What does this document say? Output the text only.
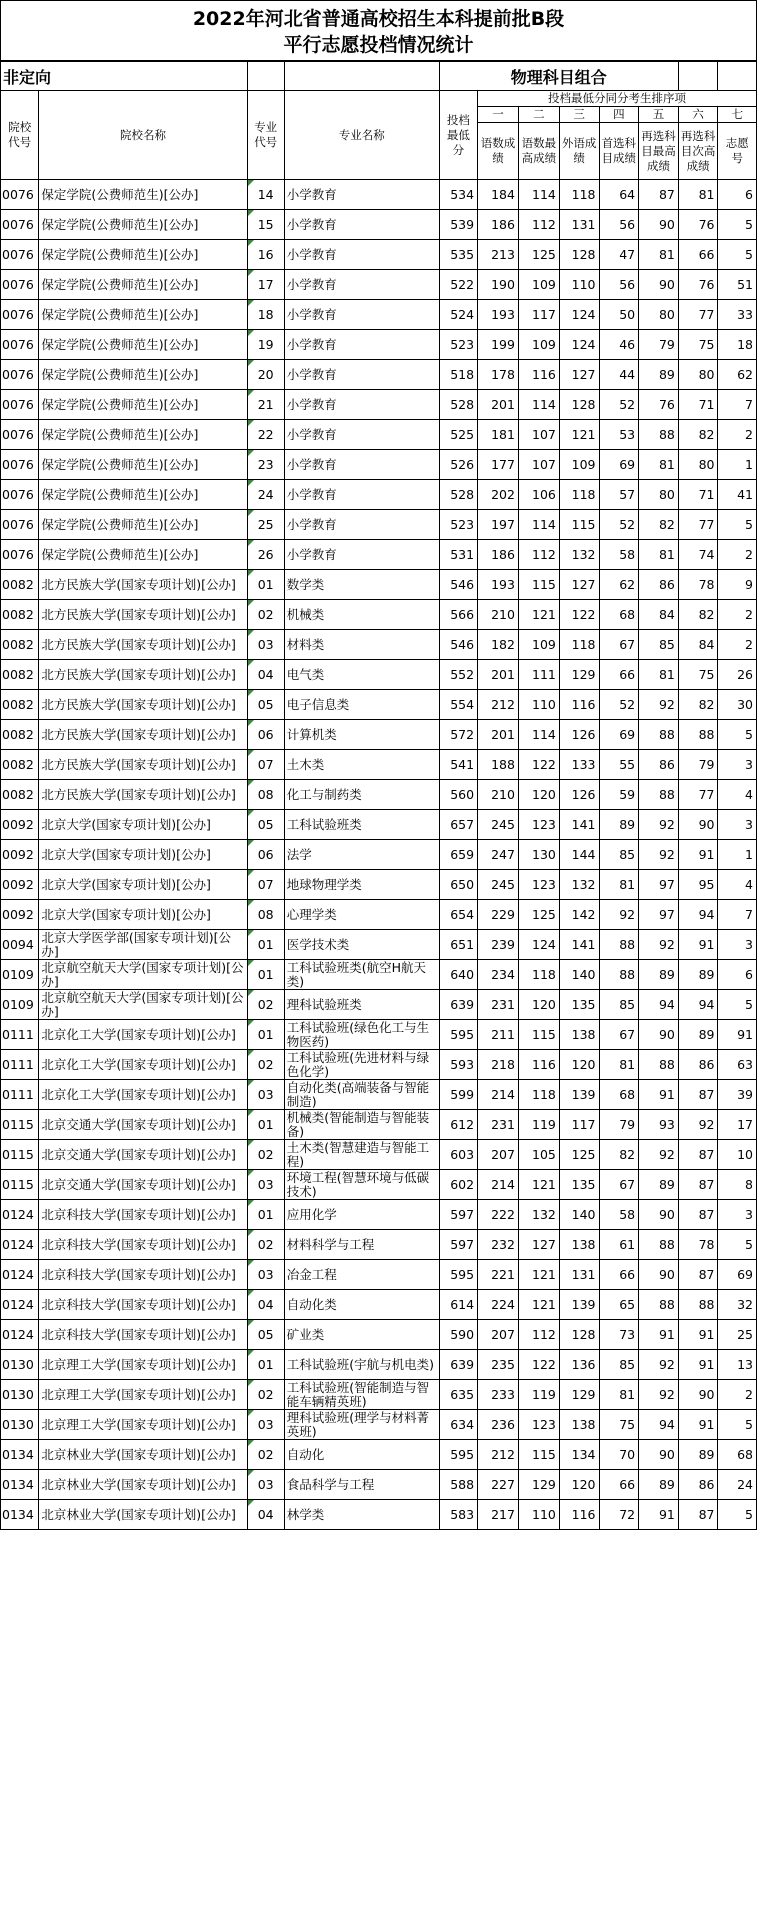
2022年河北省普通高校招生本科提前批B段
平行志愿投档情况统计
非定向				物理科目组合							
院校代号	院校名称	专业代号	专业名称	投档最低分	投档最低分同分考生排序项						
					一	二	三	四	五	六	七
					语数成绩	语数最高成绩	外语成绩	首选科目成绩	再选科目最高成绩	再选科目次高成绩	志愿号
0076	保定学院(公费师范生)[公办]	14	小学教育	534	184	114	118	64	87	81	6
0076	保定学院(公费师范生)[公办]	15	小学教育	539	186	112	131	56	90	76	5
0076	保定学院(公费师范生)[公办]	16	小学教育	535	213	125	128	47	81	66	5
0076	保定学院(公费师范生)[公办]	17	小学教育	522	190	109	110	56	90	76	51
0076	保定学院(公费师范生)[公办]	18	小学教育	524	193	117	124	50	80	77	33
0076	保定学院(公费师范生)[公办]	19	小学教育	523	199	109	124	46	79	75	18
0076	保定学院(公费师范生)[公办]	20	小学教育	518	178	116	127	44	89	80	62
0076	保定学院(公费师范生)[公办]	21	小学教育	528	201	114	128	52	76	71	7
0076	保定学院(公费师范生)[公办]	22	小学教育	525	181	107	121	53	88	82	2
0076	保定学院(公费师范生)[公办]	23	小学教育	526	177	107	109	69	81	80	1
0076	保定学院(公费师范生)[公办]	24	小学教育	528	202	106	118	57	80	71	41
0076	保定学院(公费师范生)[公办]	25	小学教育	523	197	114	115	52	82	77	5
0076	保定学院(公费师范生)[公办]	26	小学教育	531	186	112	132	58	81	74	2
0082	北方民族大学(国家专项计划)[公办]	01	数学类	546	193	115	127	62	86	78	9
0082	北方民族大学(国家专项计划)[公办]	02	机械类	566	210	121	122	68	84	82	2
0082	北方民族大学(国家专项计划)[公办]	03	材料类	546	182	109	118	67	85	84	2
0082	北方民族大学(国家专项计划)[公办]	04	电气类	552	201	111	129	66	81	75	26
0082	北方民族大学(国家专项计划)[公办]	05	电子信息类	554	212	110	116	52	92	82	30
0082	北方民族大学(国家专项计划)[公办]	06	计算机类	572	201	114	126	69	88	88	5
0082	北方民族大学(国家专项计划)[公办]	07	土木类	541	188	122	133	55	86	79	3
0082	北方民族大学(国家专项计划)[公办]	08	化工与制药类	560	210	120	126	59	88	77	4
0092	北京大学(国家专项计划)[公办]	05	工科试验班类	657	245	123	141	89	92	90	3
0092	北京大学(国家专项计划)[公办]	06	法学	659	247	130	144	85	92	91	1
0092	北京大学(国家专项计划)[公办]	07	地球物理学类	650	245	123	132	81	97	95	4
0092	北京大学(国家专项计划)[公办]	08	心理学类	654	229	125	142	92	97	94	7
0094	北京大学医学部(国家专项计划)[公办]	01	医学技术类	651	239	124	141	88	92	91	3
0109	北京航空航天大学(国家专项计划)[公办]	01	工科试验班类(航空H航天类)	640	234	118	140	88	89	89	6
0109	北京航空航天大学(国家专项计划)[公办]	02	理科试验班类	639	231	120	135	85	94	94	5
0111	北京化工大学(国家专项计划)[公办]	01	工科试验班(绿色化工与生物医药)	595	211	115	138	67	90	89	91
0111	北京化工大学(国家专项计划)[公办]	02	工科试验班(先进材料与绿色化学)	593	218	116	120	81	88	86	63
0111	北京化工大学(国家专项计划)[公办]	03	自动化类(高端装备与智能制造)	599	214	118	139	68	91	87	39
0115	北京交通大学(国家专项计划)[公办]	01	机械类(智能制造与智能装备)	612	231	119	117	79	93	92	17
0115	北京交通大学(国家专项计划)[公办]	02	土木类(智慧建造与智能工程)	603	207	105	125	82	92	87	10
0115	北京交通大学(国家专项计划)[公办]	03	环境工程(智慧环境与低碳技术)	602	214	121	135	67	89	87	8
0124	北京科技大学(国家专项计划)[公办]	01	应用化学	597	222	132	140	58	90	87	3
0124	北京科技大学(国家专项计划)[公办]	02	材料科学与工程	597	232	127	138	61	88	78	5
0124	北京科技大学(国家专项计划)[公办]	03	冶金工程	595	221	121	131	66	90	87	69
0124	北京科技大学(国家专项计划)[公办]	04	自动化类	614	224	121	139	65	88	88	32
0124	北京科技大学(国家专项计划)[公办]	05	矿业类	590	207	112	128	73	91	91	25
0130	北京理工大学(国家专项计划)[公办]	01	工科试验班(宇航与机电类)	639	235	122	136	85	92	91	13
0130	北京理工大学(国家专项计划)[公办]	02	工科试验班(智能制造与智能车辆精英班)	635	233	119	129	81	92	90	2
0130	北京理工大学(国家专项计划)[公办]	03	理科试验班(理学与材料菁英班)	634	236	123	138	75	94	91	5
0134	北京林业大学(国家专项计划)[公办]	02	自动化	595	212	115	134	70	90	89	68
0134	北京林业大学(国家专项计划)[公办]	03	食品科学与工程	588	227	129	120	66	89	86	24
0134	北京林业大学(国家专项计划)[公办]	04	林学类	583	217	110	116	72	91	87	5
